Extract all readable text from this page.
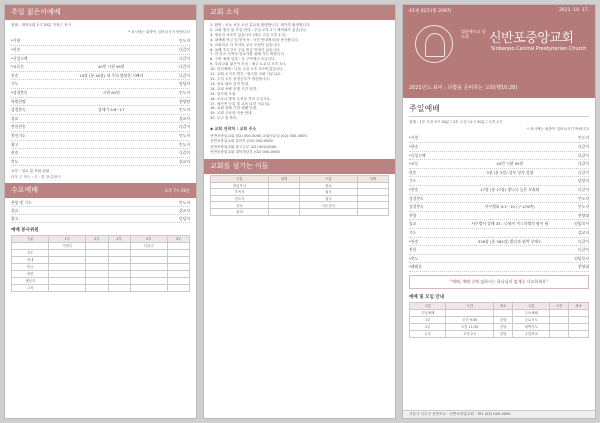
주일 젊은이예배
집례 : 대학교회 1시 30분 이정근 목사
* 표시에는 회중이 일어나시기 바랍니다
*기원	인도자
*찬송	다같이
*신앙고백	다같이
*교독문	40번 시편 95편	다같이
찬송	19장 (통 40장) 내 주의 영원한 기뻐라	다같이
기도	담당자
*성경봉독	시편 62편	인도자
특별찬양	찬양팀
성경봉독	창세기 9:8~17	인도자
설교	설교자
봉헌찬송	다같이
봉헌기도	인도자
광고	인도자
찬송	다같이
축도	설교자
교부 : 청교 및 목회 위원
더욱 주 목는 : 국 · 한 찬·수당시
수요예배	오후 7시 30분
찬양 및 기도	인도자
설교	설교자
광고	담당자
예배 봉사위원
구분	1부	2부	1부	2부	3부
	이번주			다음주	
기도					
안내					
헌금					
성찬					
새신자					
주차					
교회 소식
1. 환영 : 오늘 처음 오신 분들을 환영합니다. 새가족 환영합니다.
2. 교회 행사 및 모임 안내 : 주일 오후 2시 제직회가 있습니다.
3. 새신자 교육이 있습니다 (매주 주일 오후 1시).
4. 대예배 헌금 및 봉사자 : 사전 안내에 따라 봉사합니다.
5. 교회학교 각 부서의 교사 모집이 있습니다.
6. 올해 추수감사 주일 헌금 안내가 있습니다.
7. 각 선교 지역의 선교사를 위해 기도 바랍니다.
8. 구역 예배 일정 : 각 구역에서 모입니다.
9. 우리교회 젊은이 모임 : 매주 토요일 오후 3시.
10. 헌신예배 : 다음 주일 오후 3시에 있습니다.
11. 교회 소식지 발간 : 원고를 교회 사무실로.
12. 주일 오후 성경공부가 개강합니다.
13. 장로·권사 임직 안내.
14. 교회 차량 운행 시간 변경.
15. 성가대 모집.
16. 코로나 방역 수칙을 지켜 주십시오.
17. 새가족 등록 및 교육 (1층 사무실).
18. 교회 창립 기념 예배 안내.
19. 교회 주차장 이용 안내.
20. 부고 및 축하.
◆ 교회 연락처 : 교회 주소
선반포중앙교회 (02) 000-0000 교회사무실 (02) 000-0000
선반포중앙교회 유아부 (02) 000-0000
선반포중앙교회 중고등부 (02) 000-0000
선반포중앙교회 대학청년부 (02) 000-0000
교회를 섬기는 이들
구분	성명	구분	성명
담임목사		장로	
부목사		권사	
전도사		집사	
간사		사무간사	
관리			
41권 42호(통 2097)	2021. 10. 17.
대한예수교 장로회	신반포중앙교회
Sinbanpo Central Presbyterian Church
2021년도 표어 : 다함을 준비하는 교회(행10:28)
주일예배
집례 : 1부 오전 9시 30분 / 2부 오전 11시 30분 / 오후 2시
* 표시에는 회중이 일어나시기 바랍니다
*기원	인도자
*찬송	다같이
*신앙고백	다같이
*교독	40번 시편 95편	다같이
찬송	3장 (통 3장) 성부 성자 성령	다같이
기도	담당자
*찬송	27장 (통 27장) 빛나고 높은 보좌와	다같이
성경봉독	인도자
성경봉독	사무엘하 5:1~10 (구 476쪽)	인도자
찬양	찬양대
설교	사무엘서 강해 33 : 다윗이 이스라엘의 왕이 됨	담임목사
기도	설교자
*찬송	336장 (통 383장) 환난과 핍박 중에도	다같이
봉헌	다같이
*축도	담임목사
*폐회송	찬양대
"예배, 예배 중에 임하시는 하나님의 임재를 사모하세요"
예배 및 모임 안내
구분	시간	장소	구분	시간	장소
주일예배			수요예배		
1부	오전 9:30	본당	금요기도		
2부	오전 11:30	본당	새벽기도		
오후	오후 2시	본당	주일학교		
서울시 서초구 신반포로 · 신반포중앙교회 · TEL (02) 000-0000
